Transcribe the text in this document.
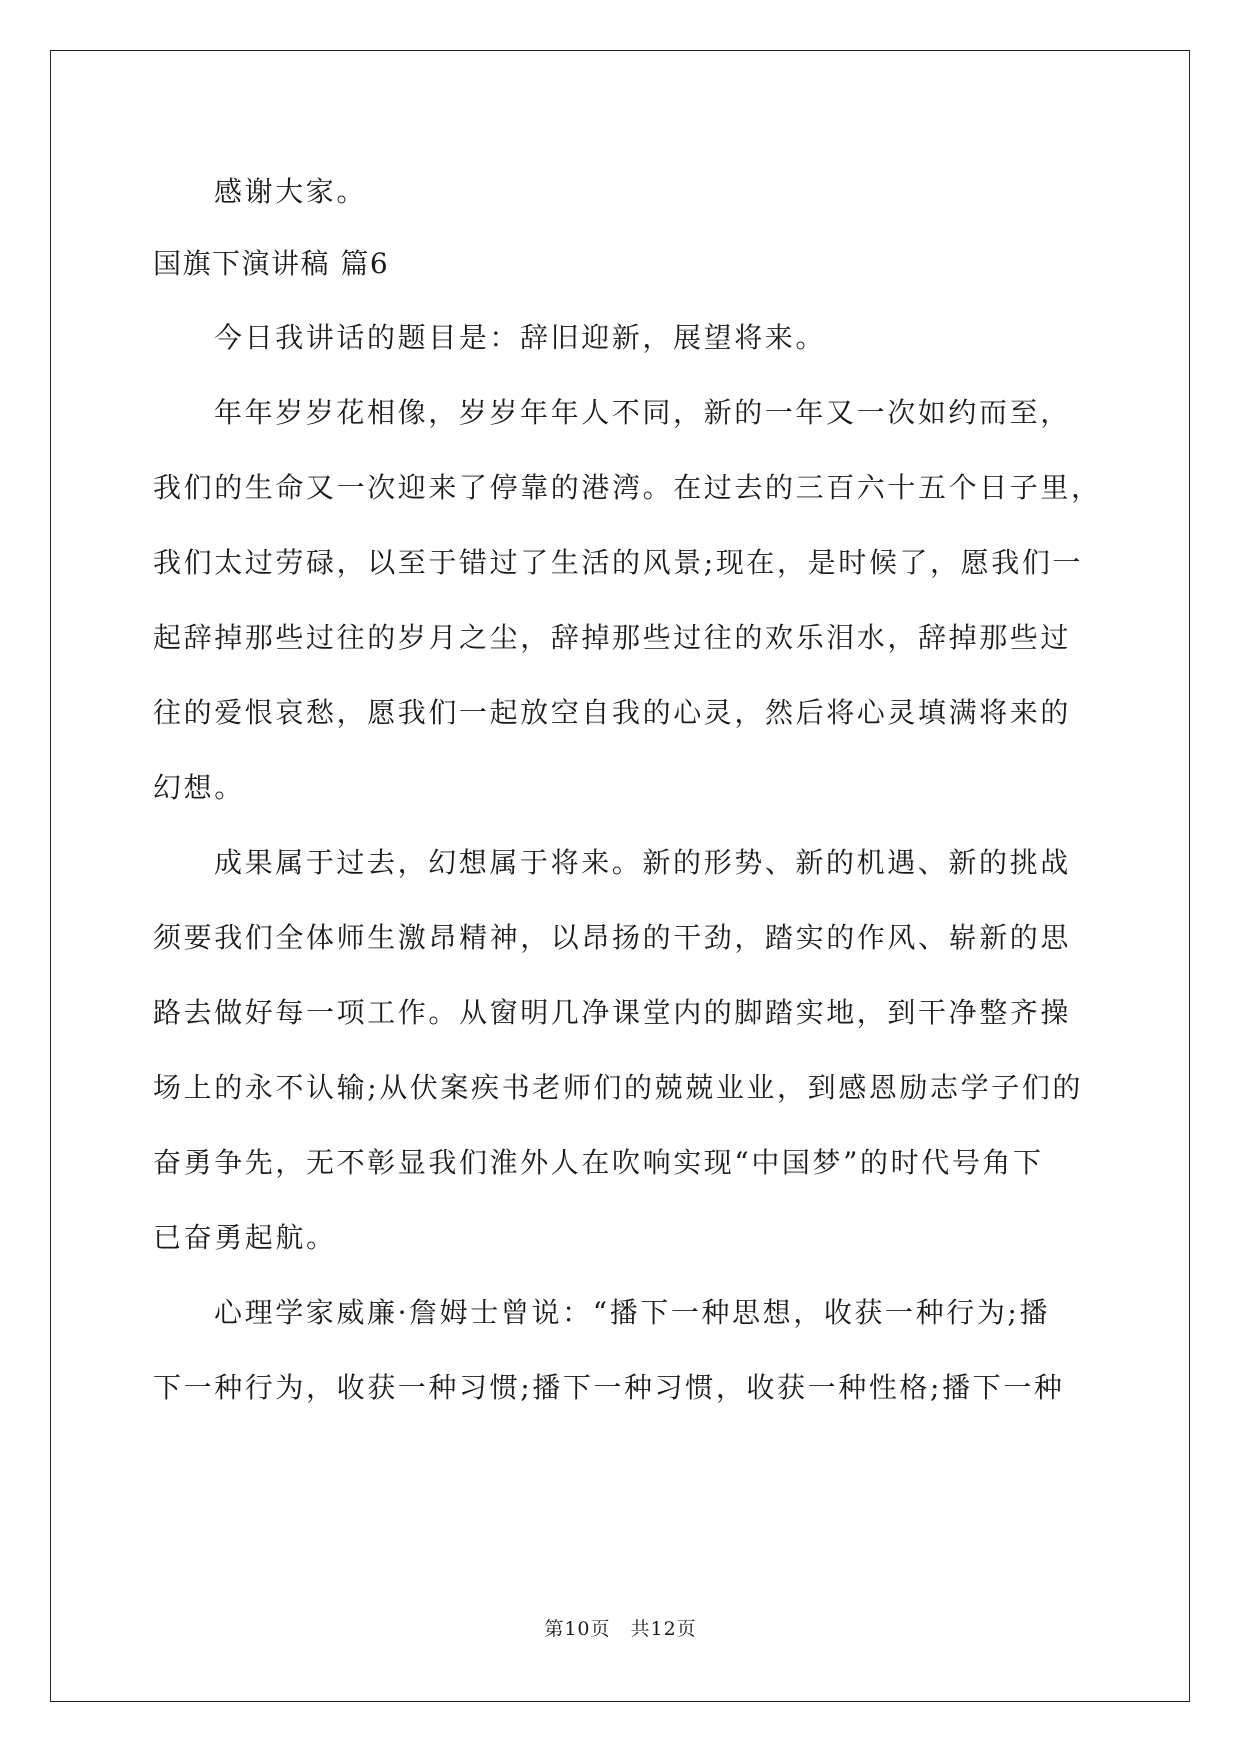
感谢大家。
国旗下演讲稿 篇6
今日我讲话的题目是：辞旧迎新，展望将来。
年年岁岁花相像，岁岁年年人不同，新的一年又一次如约而至，
我们的生命又一次迎来了停靠的港湾。在过去的三百六十五个日子里，
我们太过劳碌，以至于错过了生活的风景;现在，是时候了，愿我们一
起辞掉那些过往的岁月之尘，辞掉那些过往的欢乐泪水，辞掉那些过
往的爱恨哀愁，愿我们一起放空自我的心灵，然后将心灵填满将来的
幻想。
成果属于过去，幻想属于将来。新的形势、新的机遇、新的挑战
须要我们全体师生激昂精神，以昂扬的干劲，踏实的作风、崭新的思
路去做好每一项工作。从窗明几净课堂内的脚踏实地，到干净整齐操
场上的永不认输;从伏案疾书老师们的兢兢业业，到感恩励志学子们的
奋勇争先，无不彰显我们淮外人在吹响实现“中国梦”的时代号角下
已奋勇起航。
心理学家威廉·詹姆士曾说：“播下一种思想，收获一种行为;播
下一种行为，收获一种习惯;播下一种习惯，收获一种性格;播下一种
第10页 共12页
